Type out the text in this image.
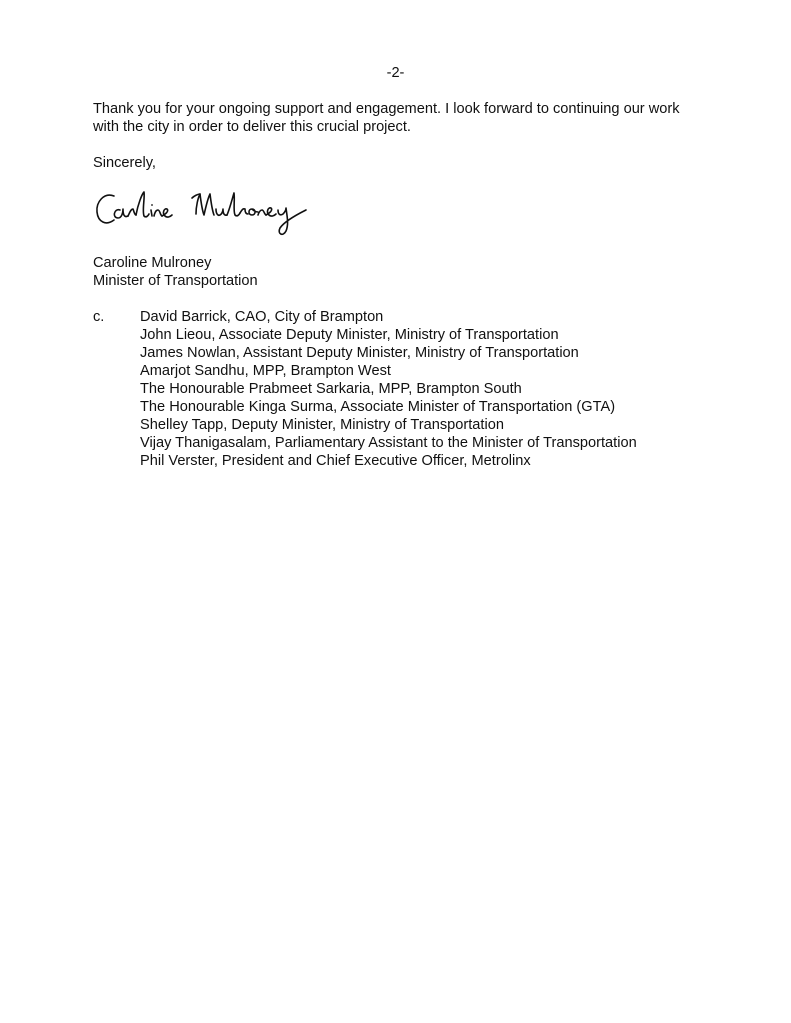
-2-

Thank you for your ongoing support and engagement. I look forward to continuing our work with the city in order to deliver this crucial project.

Sincerely,
Caroline Mulroney
Minister of Transportation
c. David Barrick, CAO, City of Brampton
John Lieou, Associate Deputy Minister, Ministry of Transportation
James Nowlan, Assistant Deputy Minister, Ministry of Transportation
Amarjot Sandhu, MPP, Brampton West
The Honourable Prabmeet Sarkaria, MPP, Brampton South
The Honourable Kinga Surma, Associate Minister of Transportation (GTA)
Shelley Tapp, Deputy Minister, Ministry of Transportation
Vijay Thanigasalam, Parliamentary Assistant to the Minister of Transportation
Phil Verster, President and Chief Executive Officer, Metrolinx
